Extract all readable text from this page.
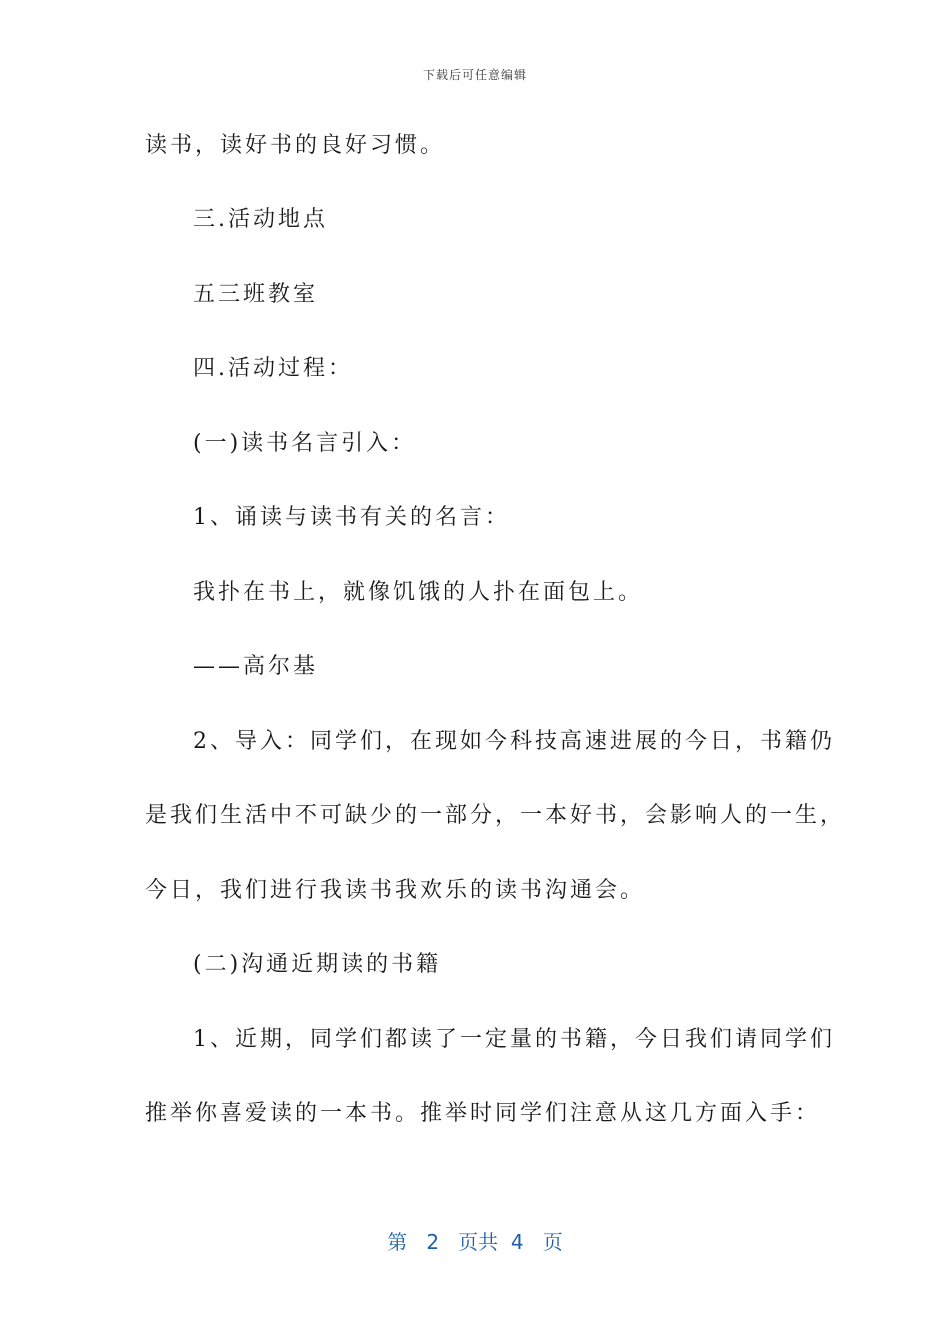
下载后可任意编辑
读书，读好书的良好习惯。
三.活动地点
五三班教室
四.活动过程：
(一)读书名言引入：
1、诵读与读书有关的名言：
我扑在书上，就像饥饿的人扑在面包上。
——高尔基
2、导入：同学们，在现如今科技高速进展的今日，书籍仍
是我们生活中不可缺少的一部分，一本好书，会影响人的一生，
今日，我们进行我读书我欢乐的读书沟通会。
(二)沟通近期读的书籍
1、近期，同学们都读了一定量的书籍，今日我们请同学们
推举你喜爱读的一本书。推举时同学们注意从这几方面入手：
第 2 页共 4 页
